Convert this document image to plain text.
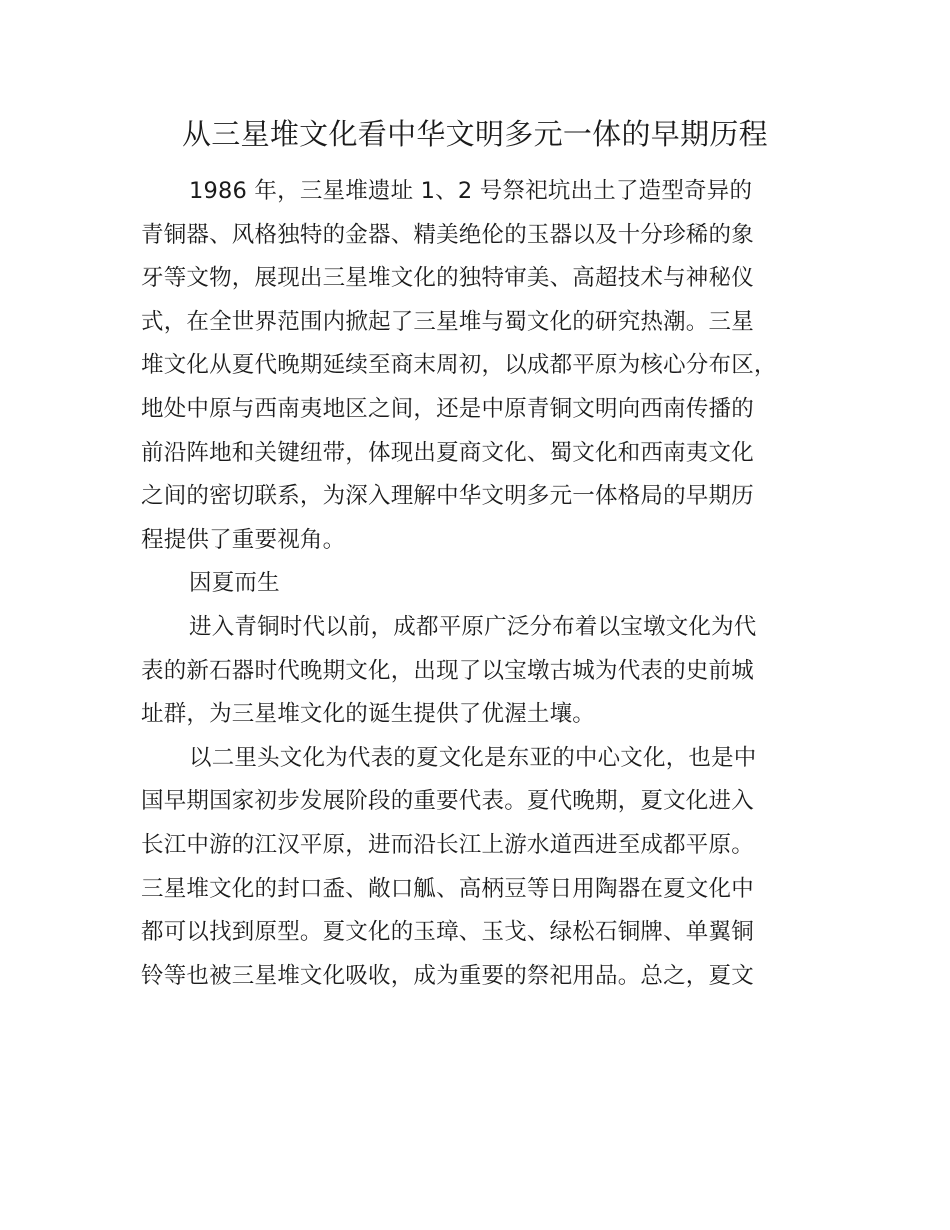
从三星堆文化看中华文明多元一体的早期历程
1986 年，三星堆遗址 1、2 号祭祀坑出土了造型奇异的
青铜器、风格独特的金器、精美绝伦的玉器以及十分珍稀的象
牙等文物，展现出三星堆文化的独特审美、高超技术与神秘仪
式，在全世界范围内掀起了三星堆与蜀文化的研究热潮。三星
堆文化从夏代晚期延续至商末周初，以成都平原为核心分布区，
地处中原与西南夷地区之间，还是中原青铜文明向西南传播的
前沿阵地和关键纽带，体现出夏商文化、蜀文化和西南夷文化
之间的密切联系，为深入理解中华文明多元一体格局的早期历
程提供了重要视角。
因夏而生
进入青铜时代以前，成都平原广泛分布着以宝墩文化为代
表的新石器时代晚期文化，出现了以宝墩古城为代表的史前城
址群，为三星堆文化的诞生提供了优渥土壤。
以二里头文化为代表的夏文化是东亚的中心文化，也是中
国早期国家初步发展阶段的重要代表。夏代晚期，夏文化进入
长江中游的江汉平原，进而沿长江上游水道西进至成都平原。
三星堆文化的封口盉、敞口觚、高柄豆等日用陶器在夏文化中
都可以找到原型。夏文化的玉璋、玉戈、绿松石铜牌、单翼铜
铃等也被三星堆文化吸收，成为重要的祭祀用品。总之，夏文
